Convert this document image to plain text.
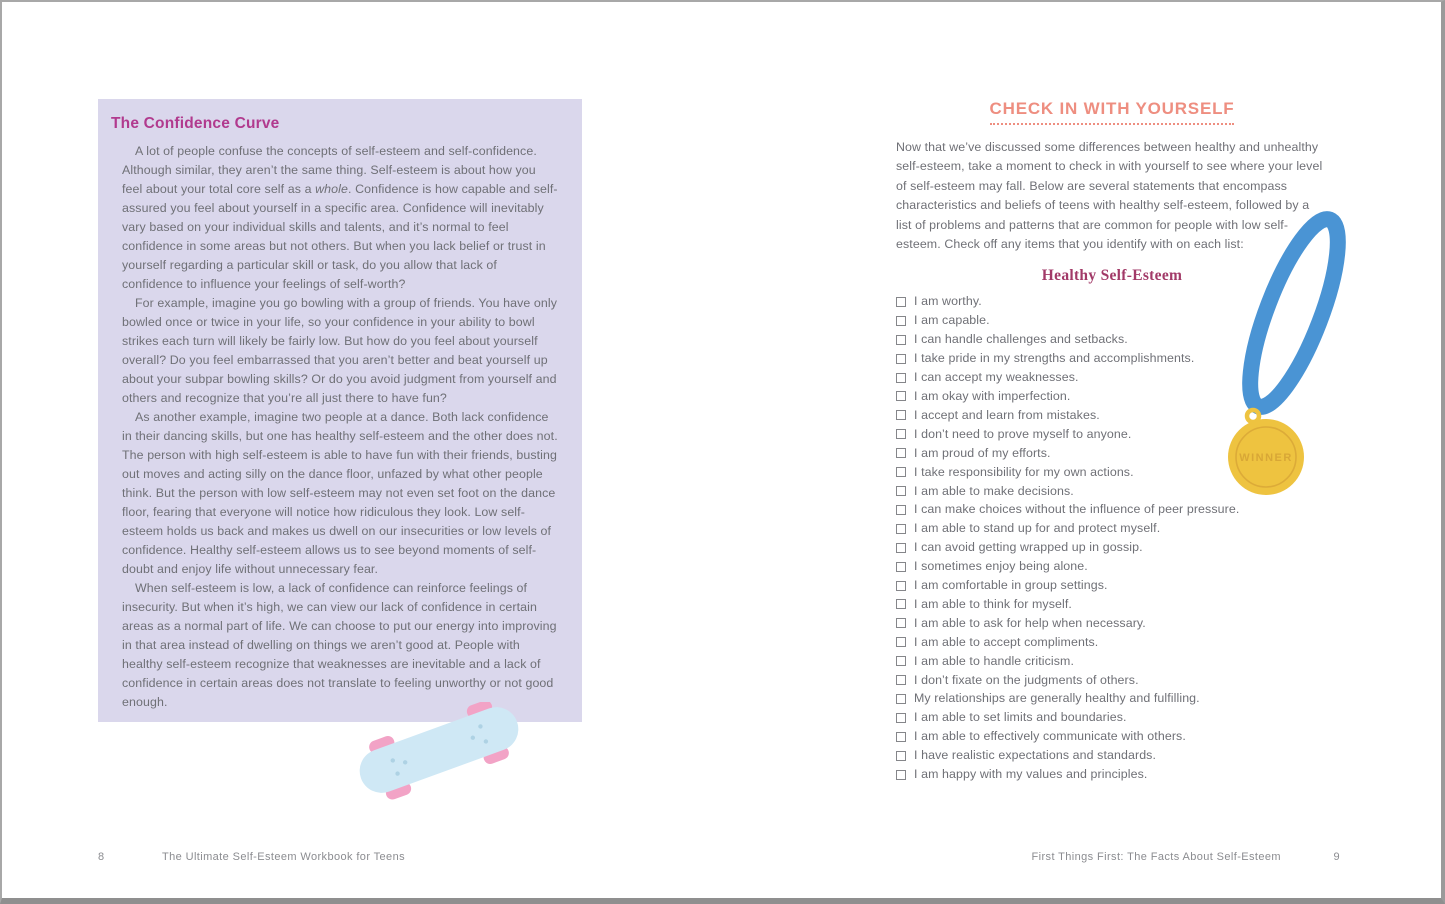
The Confidence Curve

A lot of people confuse the concepts of self-esteem and self-confidence. Although similar, they aren’t the same thing. Self-esteem is about how you feel about your total core self as a whole. Confidence is how capable and self-assured you feel about yourself in a specific area. Confidence will inevitably vary based on your individual skills and talents, and it’s normal to feel confidence in some areas but not others. But when you lack belief or trust in yourself regarding a particular skill or task, do you allow that lack of confidence to influence your feelings of self-worth?

For example, imagine you go bowling with a group of friends. You have only bowled once or twice in your life, so your confidence in your ability to bowl strikes each turn will likely be fairly low. But how do you feel about yourself overall? Do you feel embarrassed that you aren’t better and beat yourself up about your subpar bowling skills? Or do you avoid judgment from yourself and others and recognize that you’re all just there to have fun?

As another example, imagine two people at a dance. Both lack confidence in their dancing skills, but one has healthy self-esteem and the other does not. The person with high self-esteem is able to have fun with their friends, busting out moves and acting silly on the dance floor, unfazed by what other people think. But the person with low self-esteem may not even set foot on the dance floor, fearing that everyone will notice how ridiculous they look. Low self-esteem holds us back and makes us dwell on our insecurities or low levels of confidence. Healthy self-esteem allows us to see beyond moments of self-doubt and enjoy life without unnecessary fear.

When self-esteem is low, a lack of confidence can reinforce feelings of insecurity. But when it’s high, we can view our lack of confidence in certain areas as a normal part of life. We can choose to put our energy into improving in that area instead of dwelling on things we aren’t good at. People with healthy self-esteem recognize that weaknesses are inevitable and a lack of confidence in certain areas does not translate to feeling unworthy or not good enough.

CHECK IN WITH YOURSELF

Now that we’ve discussed some differences between healthy and unhealthy self-esteem, take a moment to check in with yourself to see where your level of self-esteem may fall. Below are several statements that encompass characteristics and beliefs of teens with healthy self-esteem, followed by a list of problems and patterns that are common for people with low self-esteem. Check off any items that you identify with on each list:

Healthy Self-Esteem
I am worthy.
I am capable.
I can handle challenges and setbacks.
I take pride in my strengths and accomplishments.
I can accept my weaknesses.
I am okay with imperfection.
I accept and learn from mistakes.
I don’t need to prove myself to anyone.
I am proud of my efforts.
I take responsibility for my own actions.
I am able to make decisions.
I can make choices without the influence of peer pressure.
I am able to stand up for and protect myself.
I can avoid getting wrapped up in gossip.
I sometimes enjoy being alone.
I am comfortable in group settings.
I am able to think for myself.
I am able to ask for help when necessary.
I am able to accept compliments.
I am able to handle criticism.
I don’t fixate on the judgments of others.
My relationships are generally healthy and fulfilling.
I am able to set limits and boundaries.
I am able to effectively communicate with others.
I have realistic expectations and standards.
I am happy with my values and principles.
WINNER
8	The Ultimate Self-Esteem Workbook for Teens	First Things First: The Facts About Self-Esteem	9
